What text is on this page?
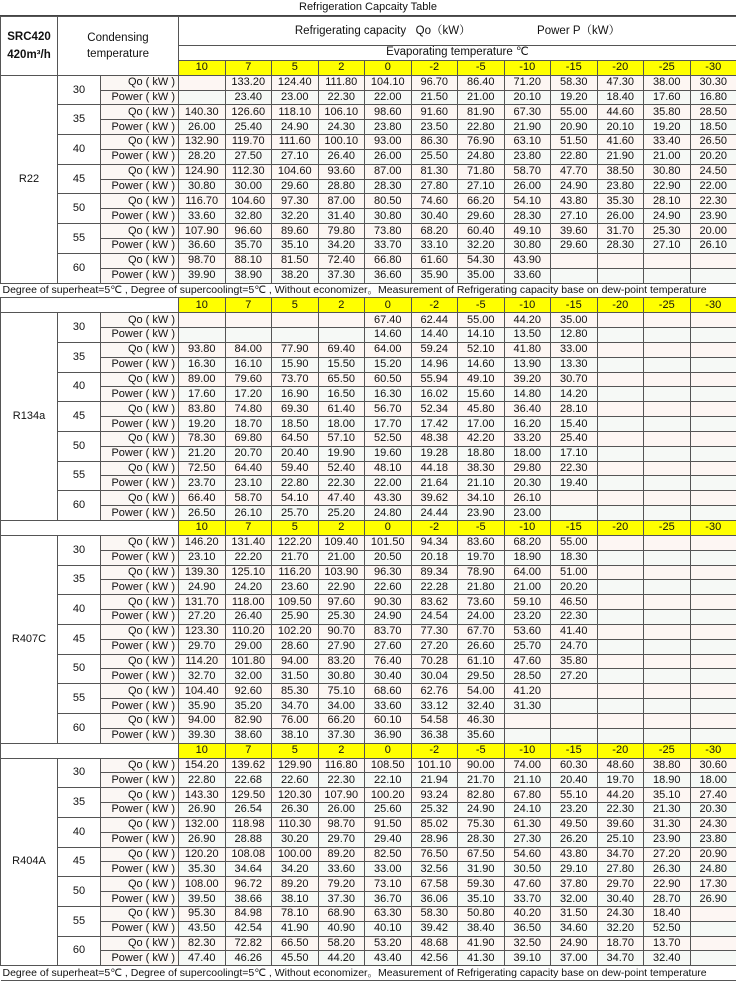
Refrigeration Capcaity Table
SRC420
420m³/h	Condensing temperature		Refrigerating capacity   Qo（kW） Power P（kW）											
			Evaporating temperature ℃											
			10	7	5	2	0	-2	-5	-10	-15	-20	-25	-30
R22	30	Qo ( kW )		133.20	124.40	111.80	104.10	96.70	86.40	71.20	58.30	47.30	38.00	30.30
		Power ( kW )		23.40	23.00	22.30	22.00	21.50	21.00	20.10	19.20	18.40	17.60	16.80
	35	Qo ( kW )	140.30	126.60	118.10	106.10	98.60	91.60	81.90	67.30	55.00	44.60	35.80	28.50
		Power ( kW )	26.00	25.40	24.90	24.30	23.80	23.50	22.80	21.90	20.90	20.10	19.20	18.50
	40	Qo ( kW )	132.90	119.70	111.60	100.10	93.00	86.30	76.90	63.10	51.50	41.60	33.40	26.50
		Power ( kW )	28.20	27.50	27.10	26.40	26.00	25.50	24.80	23.80	22.80	21.90	21.00	20.20
	45	Qo ( kW )	124.90	112.30	104.60	93.60	87.00	81.30	71.80	58.70	47.70	38.50	30.80	24.50
		Power ( kW )	30.80	30.00	29.60	28.80	28.30	27.80	27.10	26.00	24.90	23.80	22.90	22.00
	50	Qo ( kW )	116.70	104.60	97.30	87.00	80.50	74.60	66.20	54.10	43.80	35.30	28.10	22.30
		Power ( kW )	33.60	32.80	32.20	31.40	30.80	30.40	29.60	28.30	27.10	26.00	24.90	23.90
	55	Qo ( kW )	107.90	96.60	89.60	79.80	73.80	68.20	60.40	49.10	39.60	31.70	25.30	20.00
		Power ( kW )	36.60	35.70	35.10	34.20	33.70	33.10	32.20	30.80	29.60	28.30	27.10	26.10
	60	Qo ( kW )	98.70	88.10	81.50	72.40	66.80	61.60	54.30	43.90				
		Power ( kW )	39.90	38.90	38.20	37.30	36.60	35.90	35.00	33.60				
Degree of superheat=5℃ , Degree of supercoolingt=5℃ , Without economizer。Measurement of Refrigerating capacity base on dew-point temperature														
			10	7	5	2	0	-2	-5	-10	-15	-20	-25	-30
R134a	30	Qo ( kW )					67.40	62.44	55.00	44.20	35.00			
		Power ( kW )					14.60	14.40	14.10	13.50	12.80			
	35	Qo ( kW )	93.80	84.00	77.90	69.40	64.00	59.24	52.10	41.80	33.00			
		Power ( kW )	16.30	16.10	15.90	15.50	15.20	14.96	14.60	13.90	13.30			
	40	Qo ( kW )	89.00	79.60	73.70	65.50	60.50	55.94	49.10	39.20	30.70			
		Power ( kW )	17.60	17.20	16.90	16.50	16.30	16.02	15.60	14.80	14.20			
	45	Qo ( kW )	83.80	74.80	69.30	61.40	56.70	52.34	45.80	36.40	28.10			
		Power ( kW )	19.20	18.70	18.50	18.00	17.70	17.42	17.00	16.20	15.40			
	50	Qo ( kW )	78.30	69.80	64.50	57.10	52.50	48.38	42.20	33.20	25.40			
		Power ( kW )	21.20	20.70	20.40	19.90	19.60	19.28	18.80	18.00	17.10			
	55	Qo ( kW )	72.50	64.40	59.40	52.40	48.10	44.18	38.30	29.80	22.30			
		Power ( kW )	23.70	23.10	22.80	22.30	22.00	21.64	21.10	20.30	19.40			
	60	Qo ( kW )	66.40	58.70	54.10	47.40	43.30	39.62	34.10	26.10				
		Power ( kW )	26.50	26.10	25.70	25.20	24.80	24.44	23.90	23.00				
			10	7	5	2	0	-2	-5	-10	-15	-20	-25	-30
R407C	30	Qo ( kW )	146.20	131.40	122.20	109.40	101.50	94.34	83.60	68.20	55.00			
		Power ( kW )	23.10	22.20	21.70	21.00	20.50	20.18	19.70	18.90	18.30			
	35	Qo ( kW )	139.30	125.10	116.20	103.90	96.30	89.34	78.90	64.00	51.00			
		Power ( kW )	24.90	24.20	23.60	22.90	22.60	22.28	21.80	21.00	20.20			
	40	Qo ( kW )	131.70	118.00	109.50	97.60	90.30	83.62	73.60	59.10	46.50			
		Power ( kW )	27.20	26.40	25.90	25.30	24.90	24.54	24.00	23.20	22.30			
	45	Qo ( kW )	123.30	110.20	102.20	90.70	83.70	77.30	67.70	53.60	41.40			
		Power ( kW )	29.70	29.00	28.60	27.90	27.60	27.20	26.60	25.70	24.70			
	50	Qo ( kW )	114.20	101.80	94.00	83.20	76.40	70.28	61.10	47.60	35.80			
		Power ( kW )	32.70	32.00	31.50	30.80	30.40	30.04	29.50	28.50	27.20			
	55	Qo ( kW )	104.40	92.60	85.30	75.10	68.60	62.76	54.00	41.20				
		Power ( kW )	35.90	35.20	34.70	34.00	33.60	33.12	32.40	31.30				
	60	Qo ( kW )	94.00	82.90	76.00	66.20	60.10	54.58	46.30					
		Power ( kW )	39.30	38.60	38.10	37.30	36.90	36.38	35.60					
			10	7	5	2	0	-2	-5	-10	-15	-20	-25	-30
R404A	30	Qo ( kW )	154.20	139.62	129.90	116.80	108.50	101.10	90.00	74.00	60.30	48.60	38.80	30.60
		Power ( kW )	22.80	22.68	22.60	22.30	22.10	21.94	21.70	21.10	20.40	19.70	18.90	18.00
	35	Qo ( kW )	143.30	129.50	120.30	107.90	100.20	93.24	82.80	67.80	55.10	44.20	35.10	27.40
		Power ( kW )	26.90	26.54	26.30	26.00	25.60	25.32	24.90	24.10	23.20	22.30	21.30	20.30
	40	Qo ( kW )	132.00	118.98	110.30	98.70	91.50	85.02	75.30	61.30	49.50	39.60	31.30	24.30
		Power ( kW )	26.90	28.88	30.20	29.70	29.40	28.96	28.30	27.30	26.20	25.10	23.90	23.80
	45	Qo ( kW )	120.20	108.08	100.00	89.20	82.50	76.50	67.50	54.60	43.80	34.70	27.20	20.90
		Power ( kW )	35.30	34.64	34.20	33.60	33.00	32.56	31.90	30.50	29.10	27.80	26.30	24.80
	50	Qo ( kW )	108.00	96.72	89.20	79.20	73.10	67.58	59.30	47.60	37.80	29.70	22.90	17.30
		Power ( kW )	39.50	38.66	38.10	37.30	36.70	36.06	35.10	33.70	32.00	30.40	28.70	26.90
	55	Qo ( kW )	95.30	84.98	78.10	68.90	63.30	58.30	50.80	40.20	31.50	24.30	18.40	
		Power ( kW )	43.50	42.54	41.90	40.90	40.10	39.42	38.40	36.50	34.60	32.20	52.50	
	60	Qo ( kW )	82.30	72.82	66.50	58.20	53.20	48.68	41.90	32.50	24.90	18.70	13.70	
		Power ( kW )	47.40	46.26	45.50	44.20	43.40	42.56	41.30	39.10	37.00	34.70	32.40	
Degree of superheat=5℃ , Degree of supercoolingt=5℃ , Without economizer。Measurement of Refrigerating capacity base on dew-point temperature														
